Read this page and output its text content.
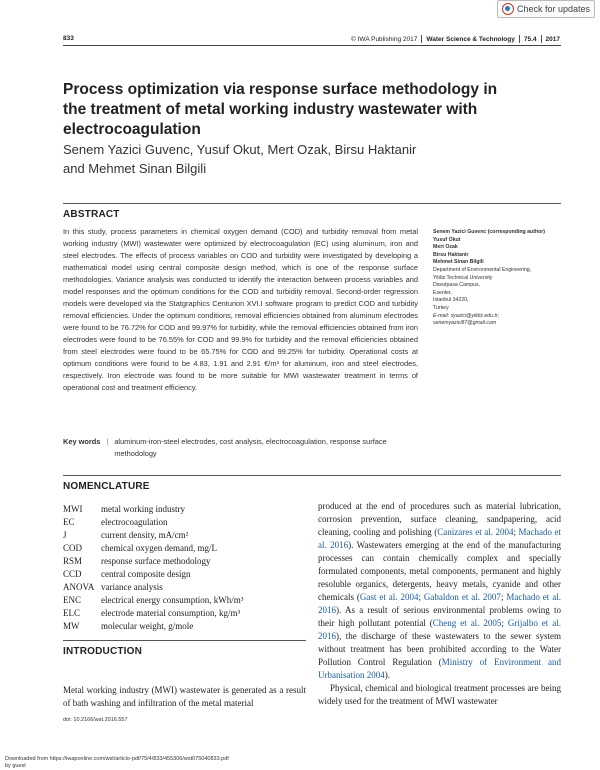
Check for updates
833	© IWA Publishing 2017 Water Science & Technology 75.4 2017
Process optimization via response surface methodology in the treatment of metal working industry wastewater with electrocoagulation
Senem Yazici Guvenc, Yusuf Okut, Mert Ozak, Birsu Haktanir
and Mehmet Sinan Bilgili
ABSTRACT
In this study, process parameters in chemical oxygen demand (COD) and turbidity removal from metal working industry (MWI) wastewater were optimized by electrocoagulation (EC) using aluminum, iron and steel electrodes. The effects of process variables on COD and turbidity were investigated by developing a mathematical model using central composite design method, which is one of the response surface methodologies. Variance analysis was conducted to identify the interaction between process variables and model responses and the optimum conditions for the COD and turbidity removal. Second-order regression models were developed via the Statgraphics Centurion XVI.I software program to predict COD and turbidity removal efficiencies. Under the optimum conditions, removal efficiencies obtained from aluminum electrodes were found to be 76.72% for COD and 99.97% for turbidity, while the removal efficiencies obtained from iron electrodes were found to be 76.55% for COD and 99.9% for turbidity and the removal efficiencies obtained from steel electrodes were found to be 65.75% for COD and 99.25% for turbidity. Operational costs at optimum conditions were found to be 4.83, 1.91 and 2.91 €/m³ for aluminum, iron and steel electrodes, respectively. Iron electrode was found to be more suitable for MWI wastewater treatment in terms of operational cost and treatment efficiency.
Key words | aluminum-iron-steel electrodes, cost analysis, electrocoagulation, response surface methodology
Senem Yazici Guvenc (corresponding author)
Yusuf Okut
Mert Ozak
Birsu Haktanir
Mehmet Sinan Bilgili
Department of Environmental Engineering,
Yildiz Technical University
Davutpasa Campus,
Esenler,
Istanbul 34220,
Turkey
E-mail: syazici@yildiz.edu.tr;
senemyazici87@gmail.com
NOMENCLATURE
MWI	metal working industry
EC	electrocoagulation
J	current density, mA/cm²
COD	chemical oxygen demand, mg/L
RSM	response surface methodology
CCD	central composite design
ANOVA variance analysis
ENC	electrical energy consumption, kWh/m³
ELC	electrode material consumption, kg/m³
MW	molecular weight, g/mole
INTRODUCTION
Metal working industry (MWI) wastewater is generated as a result of bath washing and infiltration of the metal material

produced at the end of procedures such as material lubrication, corrosion prevention, surface cleaning, sandpapering, acid cleaning, cooling and polishing (Canizares et al. 2004; Machado et al. 2016). Wastewaters emerging at the end of the manufacturing processes can contain chemically complex and specially formulated components, metal components, permanent and highly resoluble organics, detergents, heavy metals, cyanide and other chemicals (Gast et al. 2004; Gabaldon et al. 2007; Machado et al. 2016). As a result of serious environmental problems owing to their high pollutant potential (Cheng et al. 2005; Grijalbo et al. 2016), the discharge of these wastewaters to the sewer system without treatment has been prohibited according to the Water Pollution Control Regulation (Ministry of Environment and Urbanisation 2004).

Physical, chemical and biological treatment processes are being widely used for the treatment of MWI wastewater

doi: 10.2166/wst.2016.557
Downloaded from https://iwaponline.com/wst/article-pdf/75/4/833/455306/wst075040833.pdf
by guest
